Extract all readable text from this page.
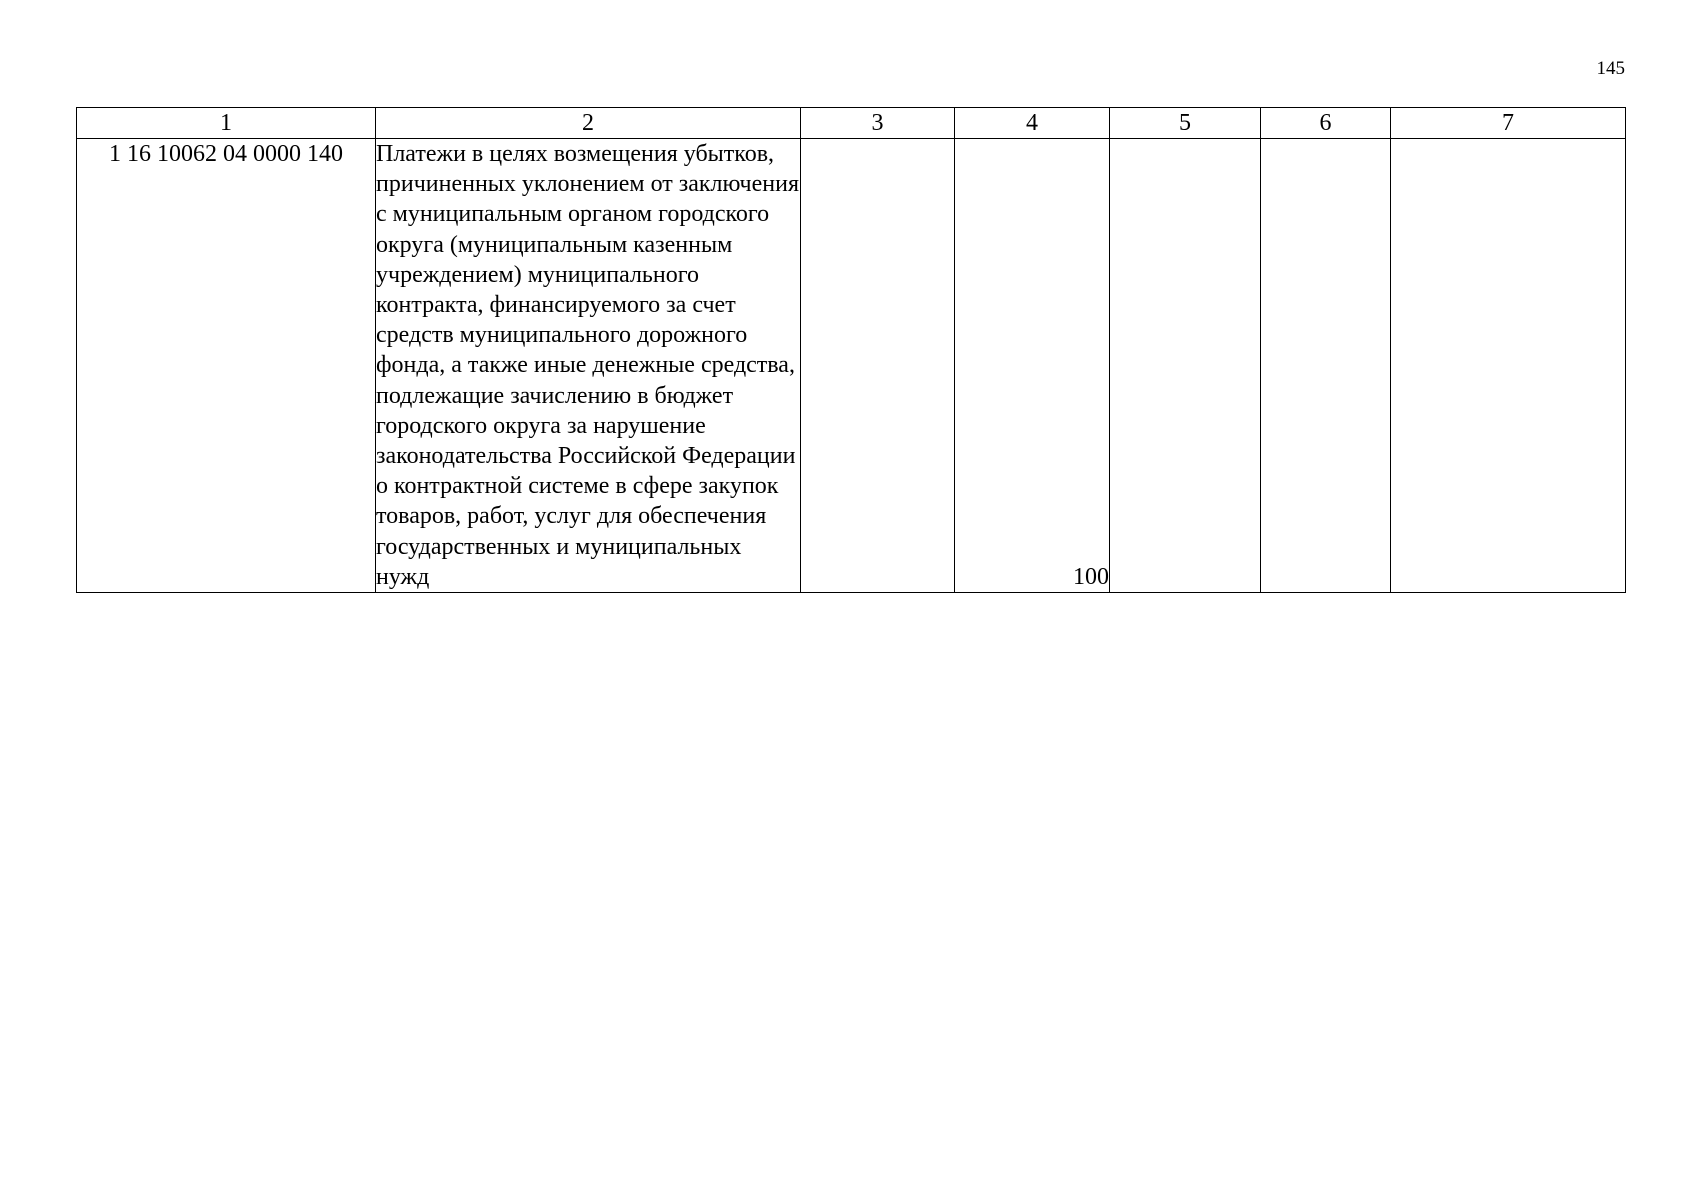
145
1	2	3	4	5	6	7
1 16 10062 04 0000 140	Платежи в целях возмещения убытков, причиненных уклонением от заключения с муниципальным органом городского округа (муниципальным казенным учреждением) муниципального контракта, финансируемого за счет средств муниципального дорожного фонда, а также иные денежные средства, подлежащие зачислению в бюджет городского округа за нарушение законодательства Российской Федерации о контрактной системе в сфере закупок товаров, работ, услуг для обеспечения государственных и муниципальных нужд		100			
